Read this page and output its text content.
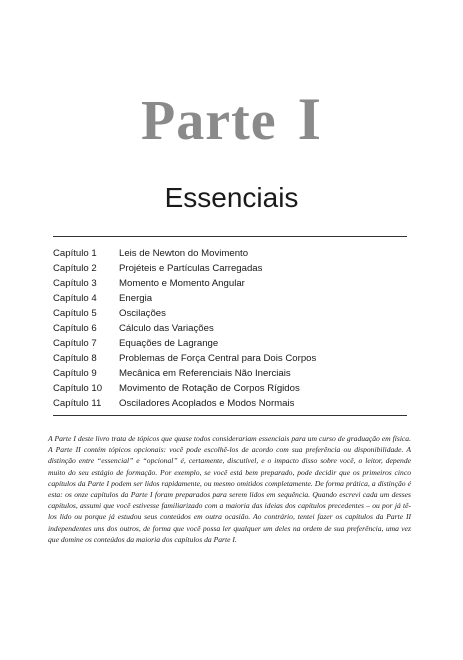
Parte I
Essenciais
Capítulo 1	Leis de Newton do Movimento
Capítulo 2	Projéteis e Partículas Carregadas
Capítulo 3	Momento e Momento Angular
Capítulo 4	Energia
Capítulo 5	Oscilações
Capítulo 6	Cálculo das Variações
Capítulo 7	Equações de Lagrange
Capítulo 8	Problemas de Força Central para Dois Corpos
Capítulo 9	Mecânica em Referenciais Não Inerciais
Capítulo 10	Movimento de Rotação de Corpos Rígidos
Capítulo 11	Osciladores Acoplados e Modos Normais

A Parte I deste livro trata de tópicos que quase todos considerariam essenciais para um curso de graduação em física. A Parte II contém tópicos opcionais: você pode escolhê-los de acordo com sua preferência ou disponibilidade. A distinção entre “essencial” e “opcional” é, certamente, discutível, e o impacto disso sobre você, o leitor, depende muito do seu estágio de formação. Por exemplo, se você está bem preparado, pode decidir que os primeiros cinco capítulos da Parte I podem ser lidos rapidamente, ou mesmo omitidos completamente. De forma prática, a distinção é esta: os onze capítulos da Parte I foram preparados para serem lidos em sequência. Quando escrevi cada um desses capítulos, assumi que você estivesse familiarizado com a maioria das ideias dos capítulos precedentes – ou por já tê-los lido ou porque já estudou seus conteúdos em outra ocasião. Ao contrário, tentei fazer os capítulos da Parte II independentes uns dos outros, de forma que você possa ler qualquer um deles na ordem de sua preferência, uma vez que domine os conteúdos da maioria dos capítulos da Parte I.
